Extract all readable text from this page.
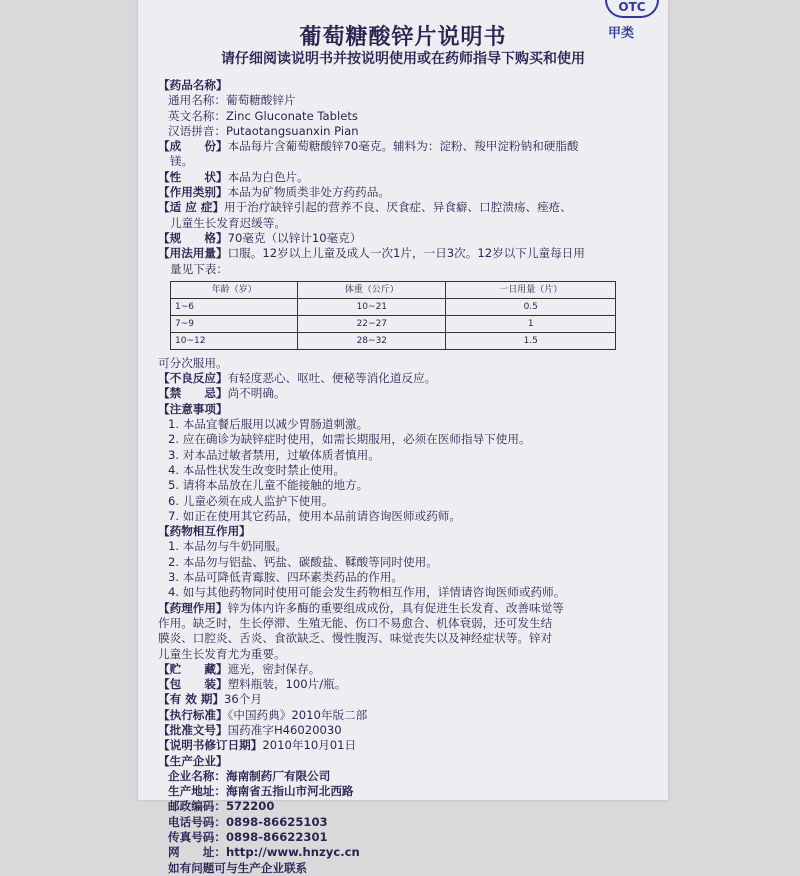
OTC
甲类
葡萄糖酸锌片说明书
请仔细阅读说明书并按说明使用或在药师指导下购买和使用
【药品名称】
通用名称：葡萄糖酸锌片
英文名称：Zinc Gluconate Tablets
汉语拼音：Putaotangsuanxin Pian
【成　　份】本品每片含葡萄糖酸锌70毫克。辅料为：淀粉、羧甲淀粉钠和硬脂酸
镁。
【性　　状】本品为白色片。
【作用类别】本品为矿物质类非处方药药品。
【适 应 症】用于治疗缺锌引起的营养不良、厌食症、异食癖、口腔溃疡、痤疮、
儿童生长发育迟缓等。
【规　　格】70毫克（以锌计10毫克）
【用法用量】口服。12岁以上儿童及成人一次1片，一日3次。12岁以下儿童每日用
量见下表：
年龄（岁）	体重（公斤）	一日用量（片）
1~6	10~21	0.5
7~9	22~27	1
10~12	28~32	1.5
可分次服用。
【不良反应】有轻度恶心、呕吐、便秘等消化道反应。
【禁　　忌】尚不明确。
【注意事项】
1. 本品宜餐后服用以减少胃肠道刺激。
2. 应在确诊为缺锌症时使用，如需长期服用，必须在医师指导下使用。
3. 对本品过敏者禁用，过敏体质者慎用。
4. 本品性状发生改变时禁止使用。
5. 请将本品放在儿童不能接触的地方。
6. 儿童必须在成人监护下使用。
7. 如正在使用其它药品，使用本品前请咨询医师或药师。
【药物相互作用】
1. 本品勿与牛奶同服。
2. 本品勿与铝盐、钙盐、碳酸盐、鞣酸等同时使用。
3. 本品可降低青霉胺、四环素类药品的作用。
4. 如与其他药物同时使用可能会发生药物相互作用，详情请咨询医师或药师。
【药理作用】锌为体内许多酶的重要组成成份，具有促进生长发育、改善味觉等
作用。缺乏时，生长停滞、生殖无能、伤口不易愈合、机体衰弱，还可发生结
膜炎、口腔炎、舌炎、食欲缺乏、慢性腹泻、味觉丧失以及神经症状等。锌对
儿童生长发育尤为重要。
【贮　　藏】遮光，密封保存。
【包　　装】塑料瓶装，100片/瓶。
【有 效 期】36个月
【执行标准】《中国药典》2010年版二部
【批准文号】国药准字H46020030
【说明书修订日期】2010年10月01日
【生产企业】
企业名称：海南制药厂有限公司
生产地址：海南省五指山市河北西路
邮政编码：572200
电话号码：0898-86625103
传真号码：0898-86622301
网　　址：http://www.hnzyc.cn
如有问题可与生产企业联系
